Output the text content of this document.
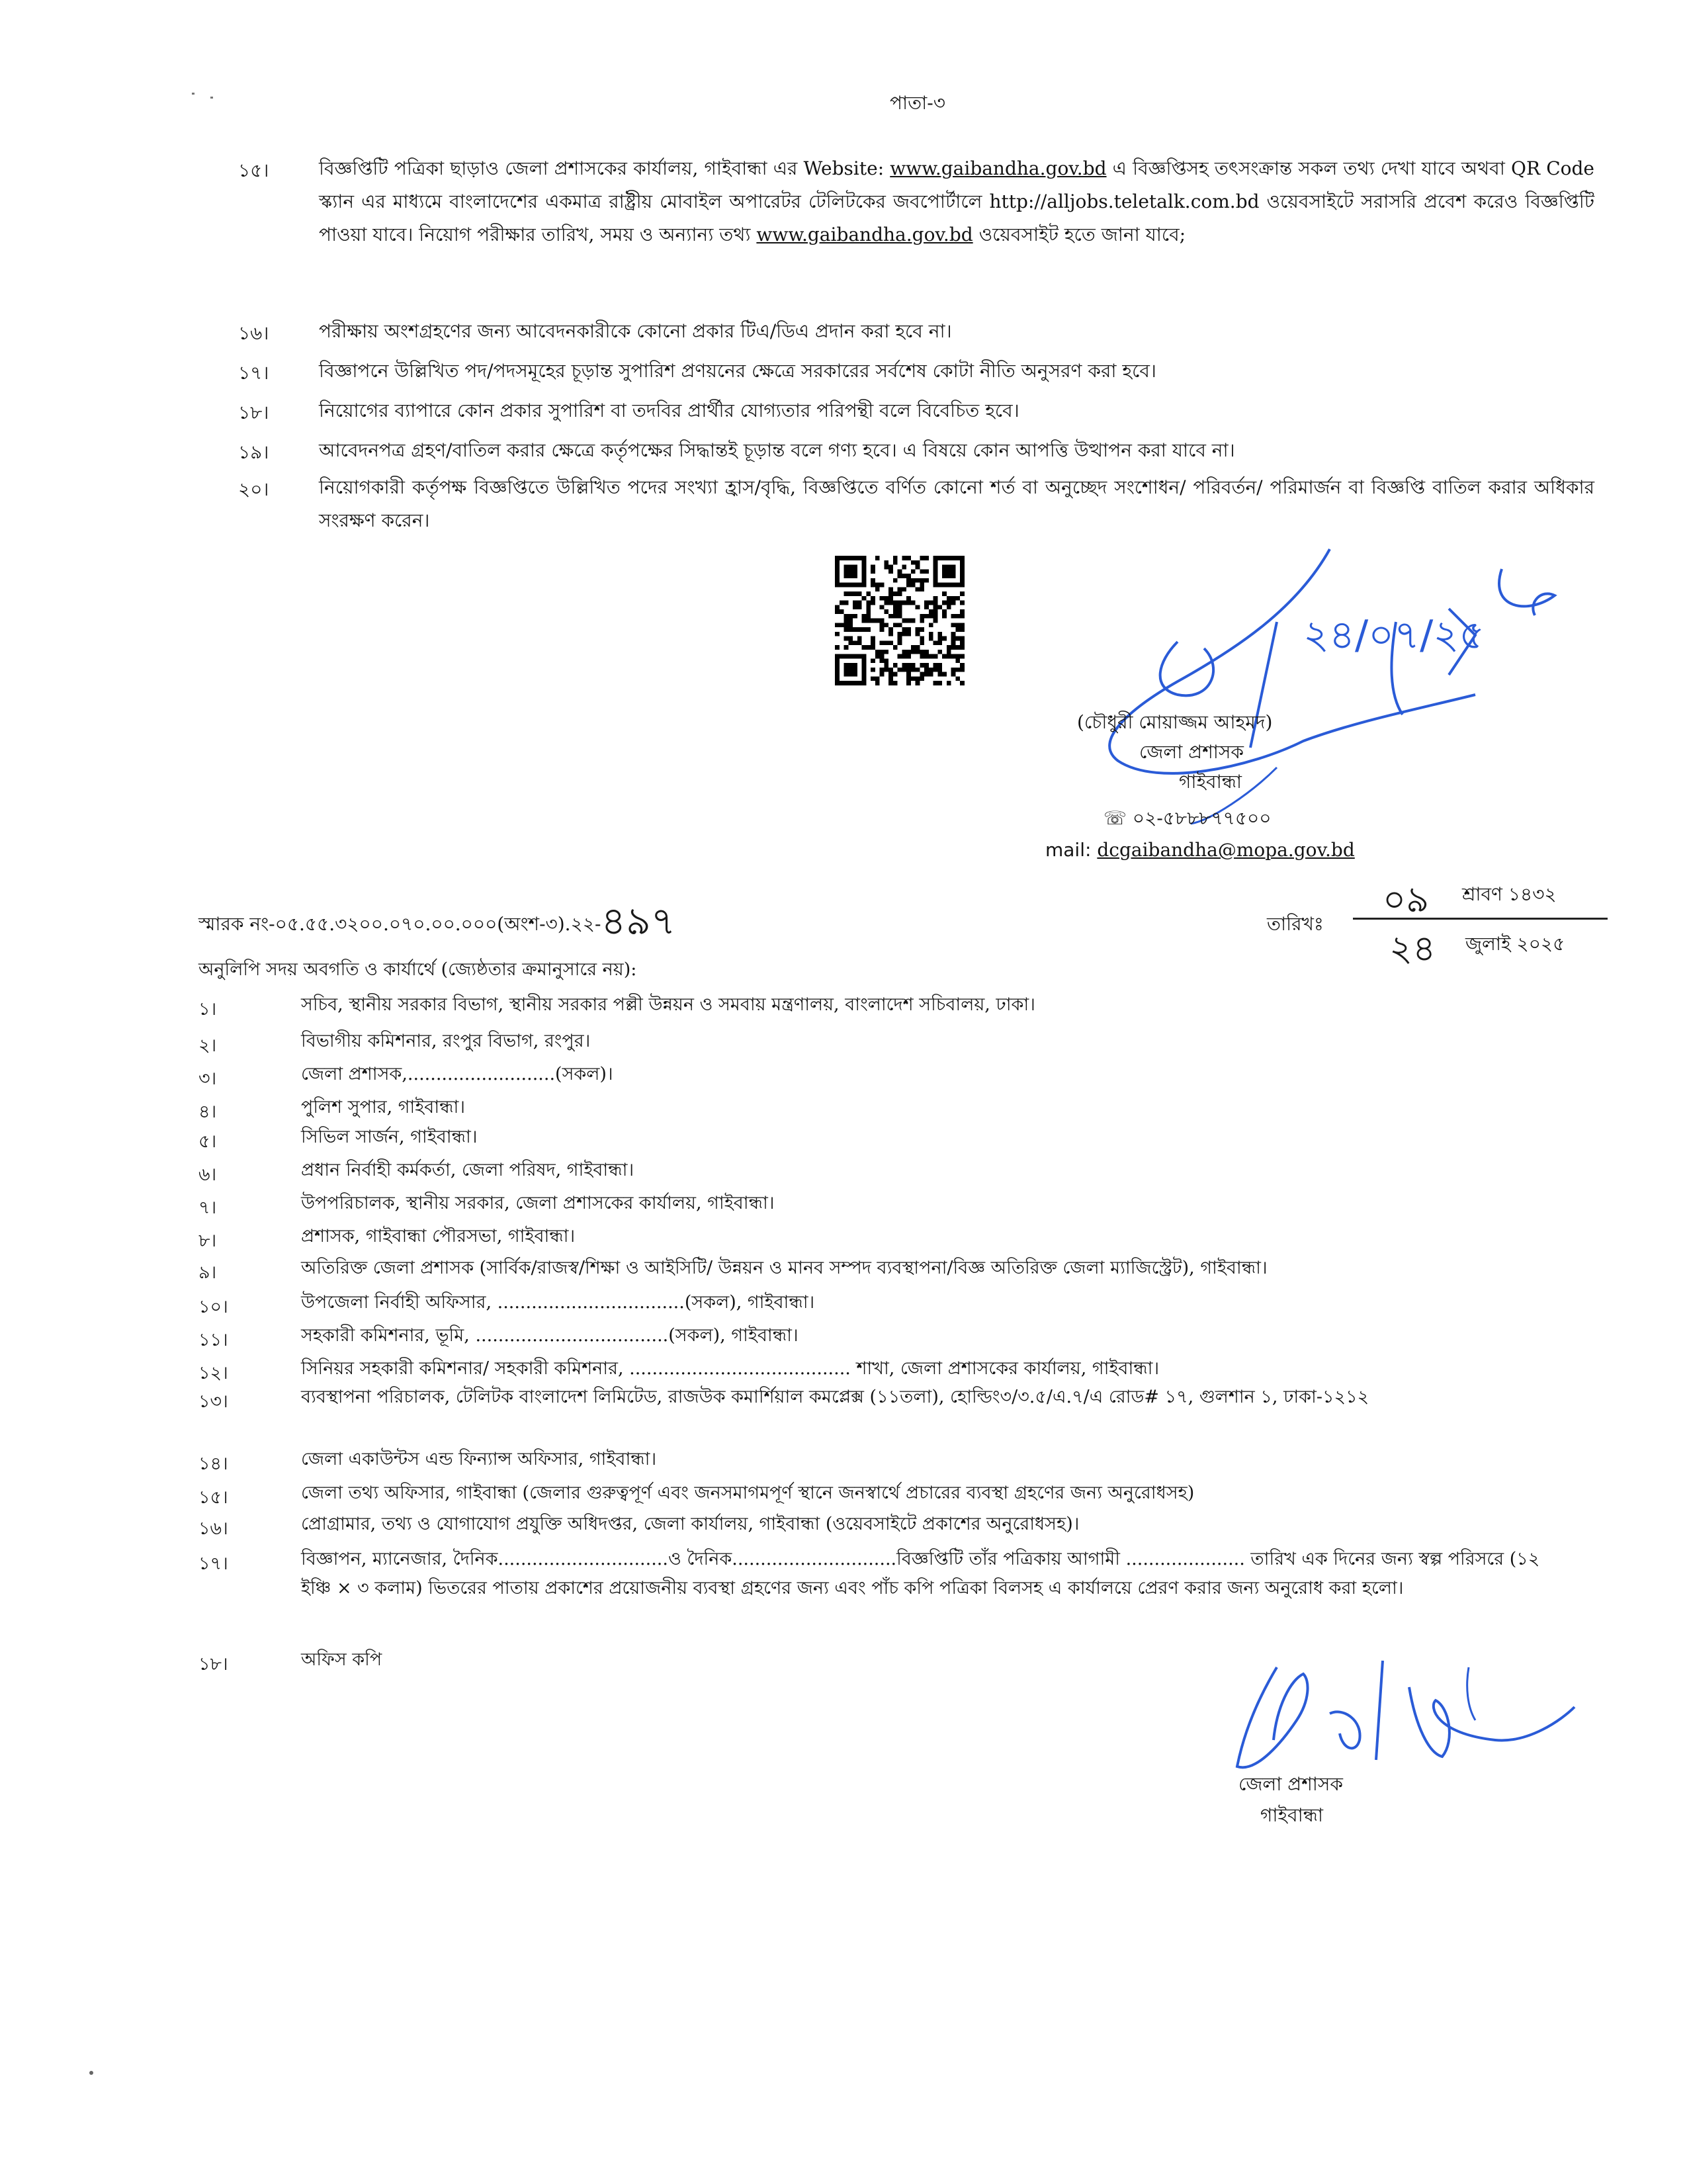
পাতা-৩
১৫।	বিজ্ঞপ্তিটি পত্রিকা ছাড়াও জেলা প্রশাসকের কার্যালয়, গাইবান্ধা এর Website: www.gaibandha.gov.bd এ বিজ্ঞপ্তিসহ তৎসংক্রান্ত সকল তথ্য দেখা যাবে অথবা QR Code স্ক্যান এর মাধ্যমে বাংলাদেশের একমাত্র রাষ্ট্রীয় মোবাইল অপারেটর টেলিটকের জবপোর্টালে http://alljobs.teletalk.com.bd ওয়েবসাইটে সরাসরি প্রবেশ করেও বিজ্ঞপ্তিটি পাওয়া যাবে। নিয়োগ পরীক্ষার তারিখ, সময় ও অন্যান্য তথ্য www.gaibandha.gov.bd ওয়েবসাইট হতে জানা যাবে;
১৬।	পরীক্ষায় অংশগ্রহণের জন্য আবেদনকারীকে কোনো প্রকার টিএ/ডিএ প্রদান করা হবে না।
১৭।	বিজ্ঞাপনে উল্লিখিত পদ/পদসমূহের চূড়ান্ত সুপারিশ প্রণয়নের ক্ষেত্রে সরকারের সর্বশেষ কোটা নীতি অনুসরণ করা হবে।
১৮।	নিয়োগের ব্যাপারে কোন প্রকার সুপারিশ বা তদবির প্রার্থীর যোগ্যতার পরিপন্থী বলে বিবেচিত হবে।
১৯।	আবেদনপত্র গ্রহণ/বাতিল করার ক্ষেত্রে কর্তৃপক্ষের সিদ্ধান্তই চূড়ান্ত বলে গণ্য হবে। এ বিষয়ে কোন আপত্তি উত্থাপন করা যাবে না।
২০।	নিয়োগকারী কর্তৃপক্ষ বিজ্ঞপ্তিতে উল্লিখিত পদের সংখ্যা হ্রাস/বৃদ্ধি, বিজ্ঞপ্তিতে বর্ণিত কোনো শর্ত বা অনুচ্ছেদ সংশোধন/ পরিবর্তন/ পরিমার্জন বা বিজ্ঞপ্তি বাতিল করার অধিকার সংরক্ষণ করেন।
২৪/০৭/২৫
(চৌধুরী মোয়াজ্জম আহমদ)
জেলা প্রশাসক
গাইবান্ধা
☏ ০২-৫৮৮৮৭৭৫০০
mail: dcgaibandha@mopa.gov.bd
স্মারক নং-০৫.৫৫.৩২০০.০৭০.০০.০০০(অংশ-৩).২২-৪৯৭	তারিখঃ
০৯ শ্রাবণ ১৪৩২
২৪ জুলাই ২০২৫
অনুলিপি সদয় অবগতি ও কার্যার্থে (জ্যেষ্ঠতার ক্রমানুসারে নয়):
১।	সচিব, স্থানীয় সরকার বিভাগ, স্থানীয় সরকার পল্লী উন্নয়ন ও সমবায় মন্ত্রণালয়, বাংলাদেশ সচিবালয়, ঢাকা।
২।	বিভাগীয় কমিশনার, রংপুর বিভাগ, রংপুর।
৩।	জেলা প্রশাসক,..........................(সকল)।
৪।	পুলিশ সুপার, গাইবান্ধা।
৫।	সিভিল সার্জন, গাইবান্ধা।
৬।	প্রধান নির্বাহী কর্মকর্তা, জেলা পরিষদ, গাইবান্ধা।
৭।	উপপরিচালক, স্থানীয় সরকার, জেলা প্রশাসকের কার্যালয়, গাইবান্ধা।
৮।	প্রশাসক, গাইবান্ধা পৌরসভা, গাইবান্ধা।
৯।	অতিরিক্ত জেলা প্রশাসক (সার্বিক/রাজস্ব/শিক্ষা ও আইসিটি/ উন্নয়ন ও মানব সম্পদ ব্যবস্থাপনা/বিজ্ঞ অতিরিক্ত জেলা ম্যাজিস্ট্রেট), গাইবান্ধা।
১০।	উপজেলা নির্বাহী অফিসার, .................................(সকল), গাইবান্ধা।
১১।	সহকারী কমিশনার, ভূমি, ..................................(সকল), গাইবান্ধা।
১২।	সিনিয়র সহকারী কমিশনার/ সহকারী কমিশনার, ....................................... শাখা, জেলা প্রশাসকের কার্যালয়, গাইবান্ধা।
১৩।	ব্যবস্থাপনা পরিচালক, টেলিটক বাংলাদেশ লিমিটেড, রাজউক কমার্শিয়াল কমপ্লেক্স (১১তলা), হোল্ডিং৩/৩.৫/এ.৭/এ রোড# ১৭, গুলশান ১, ঢাকা-১২১২
১৪।	জেলা একাউন্টস এন্ড ফিন্যান্স অফিসার, গাইবান্ধা।
১৫।	জেলা তথ্য অফিসার, গাইবান্ধা (জেলার গুরুত্বপূর্ণ এবং জনসমাগমপূর্ণ স্থানে জনস্বার্থে প্রচারের ব্যবস্থা গ্রহণের জন্য অনুরোধসহ)
১৬।	প্রোগ্রামার, তথ্য ও যোগাযোগ প্রযুক্তি অধিদপ্তর, জেলা কার্যালয়, গাইবান্ধা (ওয়েবসাইটে প্রকাশের অনুরোধসহ)।
১৭।	বিজ্ঞাপন, ম্যানেজার, দৈনিক..............................ও দৈনিক.............................বিজ্ঞপ্তিটি তাঁর পত্রিকায় আগামী ..................... তারিখ এক দিনের জন্য স্বল্প পরিসরে (১২ ইঞ্চি × ৩ কলাম) ভিতরের পাতায় প্রকাশের প্রয়োজনীয় ব্যবস্থা গ্রহণের জন্য এবং পাঁচ কপি পত্রিকা বিলসহ এ কার্যালয়ে প্রেরণ করার জন্য অনুরোধ করা হলো।
১৮।	অফিস কপি
জেলা প্রশাসক
গাইবান্ধা
